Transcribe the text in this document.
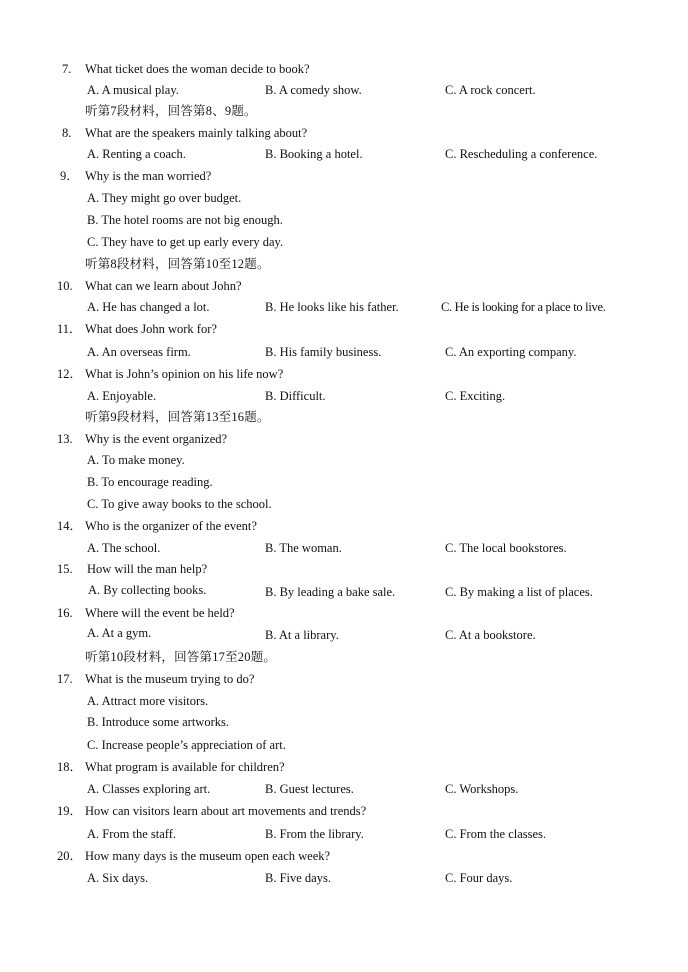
7. What ticket does the woman decide to book?
A. A musical play.	B. A comedy show.	C. A rock concert.
听第7段材料，回答第8、9题。
8. What are the speakers mainly talking about?
A. Renting a coach.	B. Booking a hotel.	C. Rescheduling a conference.
9． Why is the man worried?
A. They might go over budget.
B. The hotel rooms are not big enough.
C. They have to get up early every day.
听第8段材料，回答第10至12题。
10. What can we learn about John?
A. He has changed a lot.	B. He looks like his father.	C. He is looking for a place to live.
11． What does John work for?
A. An overseas firm.	B. His family business.	C. An exporting company.
12． What is John’s opinion on his life now?
A. Enjoyable.	B. Difficult.	C. Exciting.
听第9段材料，回答第13至16题。
13. Why is the event organized?
A. To make money.
B. To encourage reading.
C. To give away books to the school.
14． Who is the organizer of the event?
A. The school.	B. The woman.	C. The local bookstores.
15. How will the man help?
A. By collecting books.	B. By leading a bake sale.	C. By making a list of places.
16. Where will the event be held?
A. At a gym.	B. At a library.	C. At a bookstore.
听第10段材料，回答第17至20题。
17. What is the museum trying to do?
A. Attract more visitors.
B. Introduce some artworks.
C. Increase people’s appreciation of art.
18． What program is available for children?
A. Classes exploring art.	B. Guest lectures.	C. Workshops.
19． How can visitors learn about art movements and trends?
A. From the staff.	B. From the library.	C. From the classes.
20． How many days is the museum open each week?
A. Six days.	B. Five days.	C. Four days.
